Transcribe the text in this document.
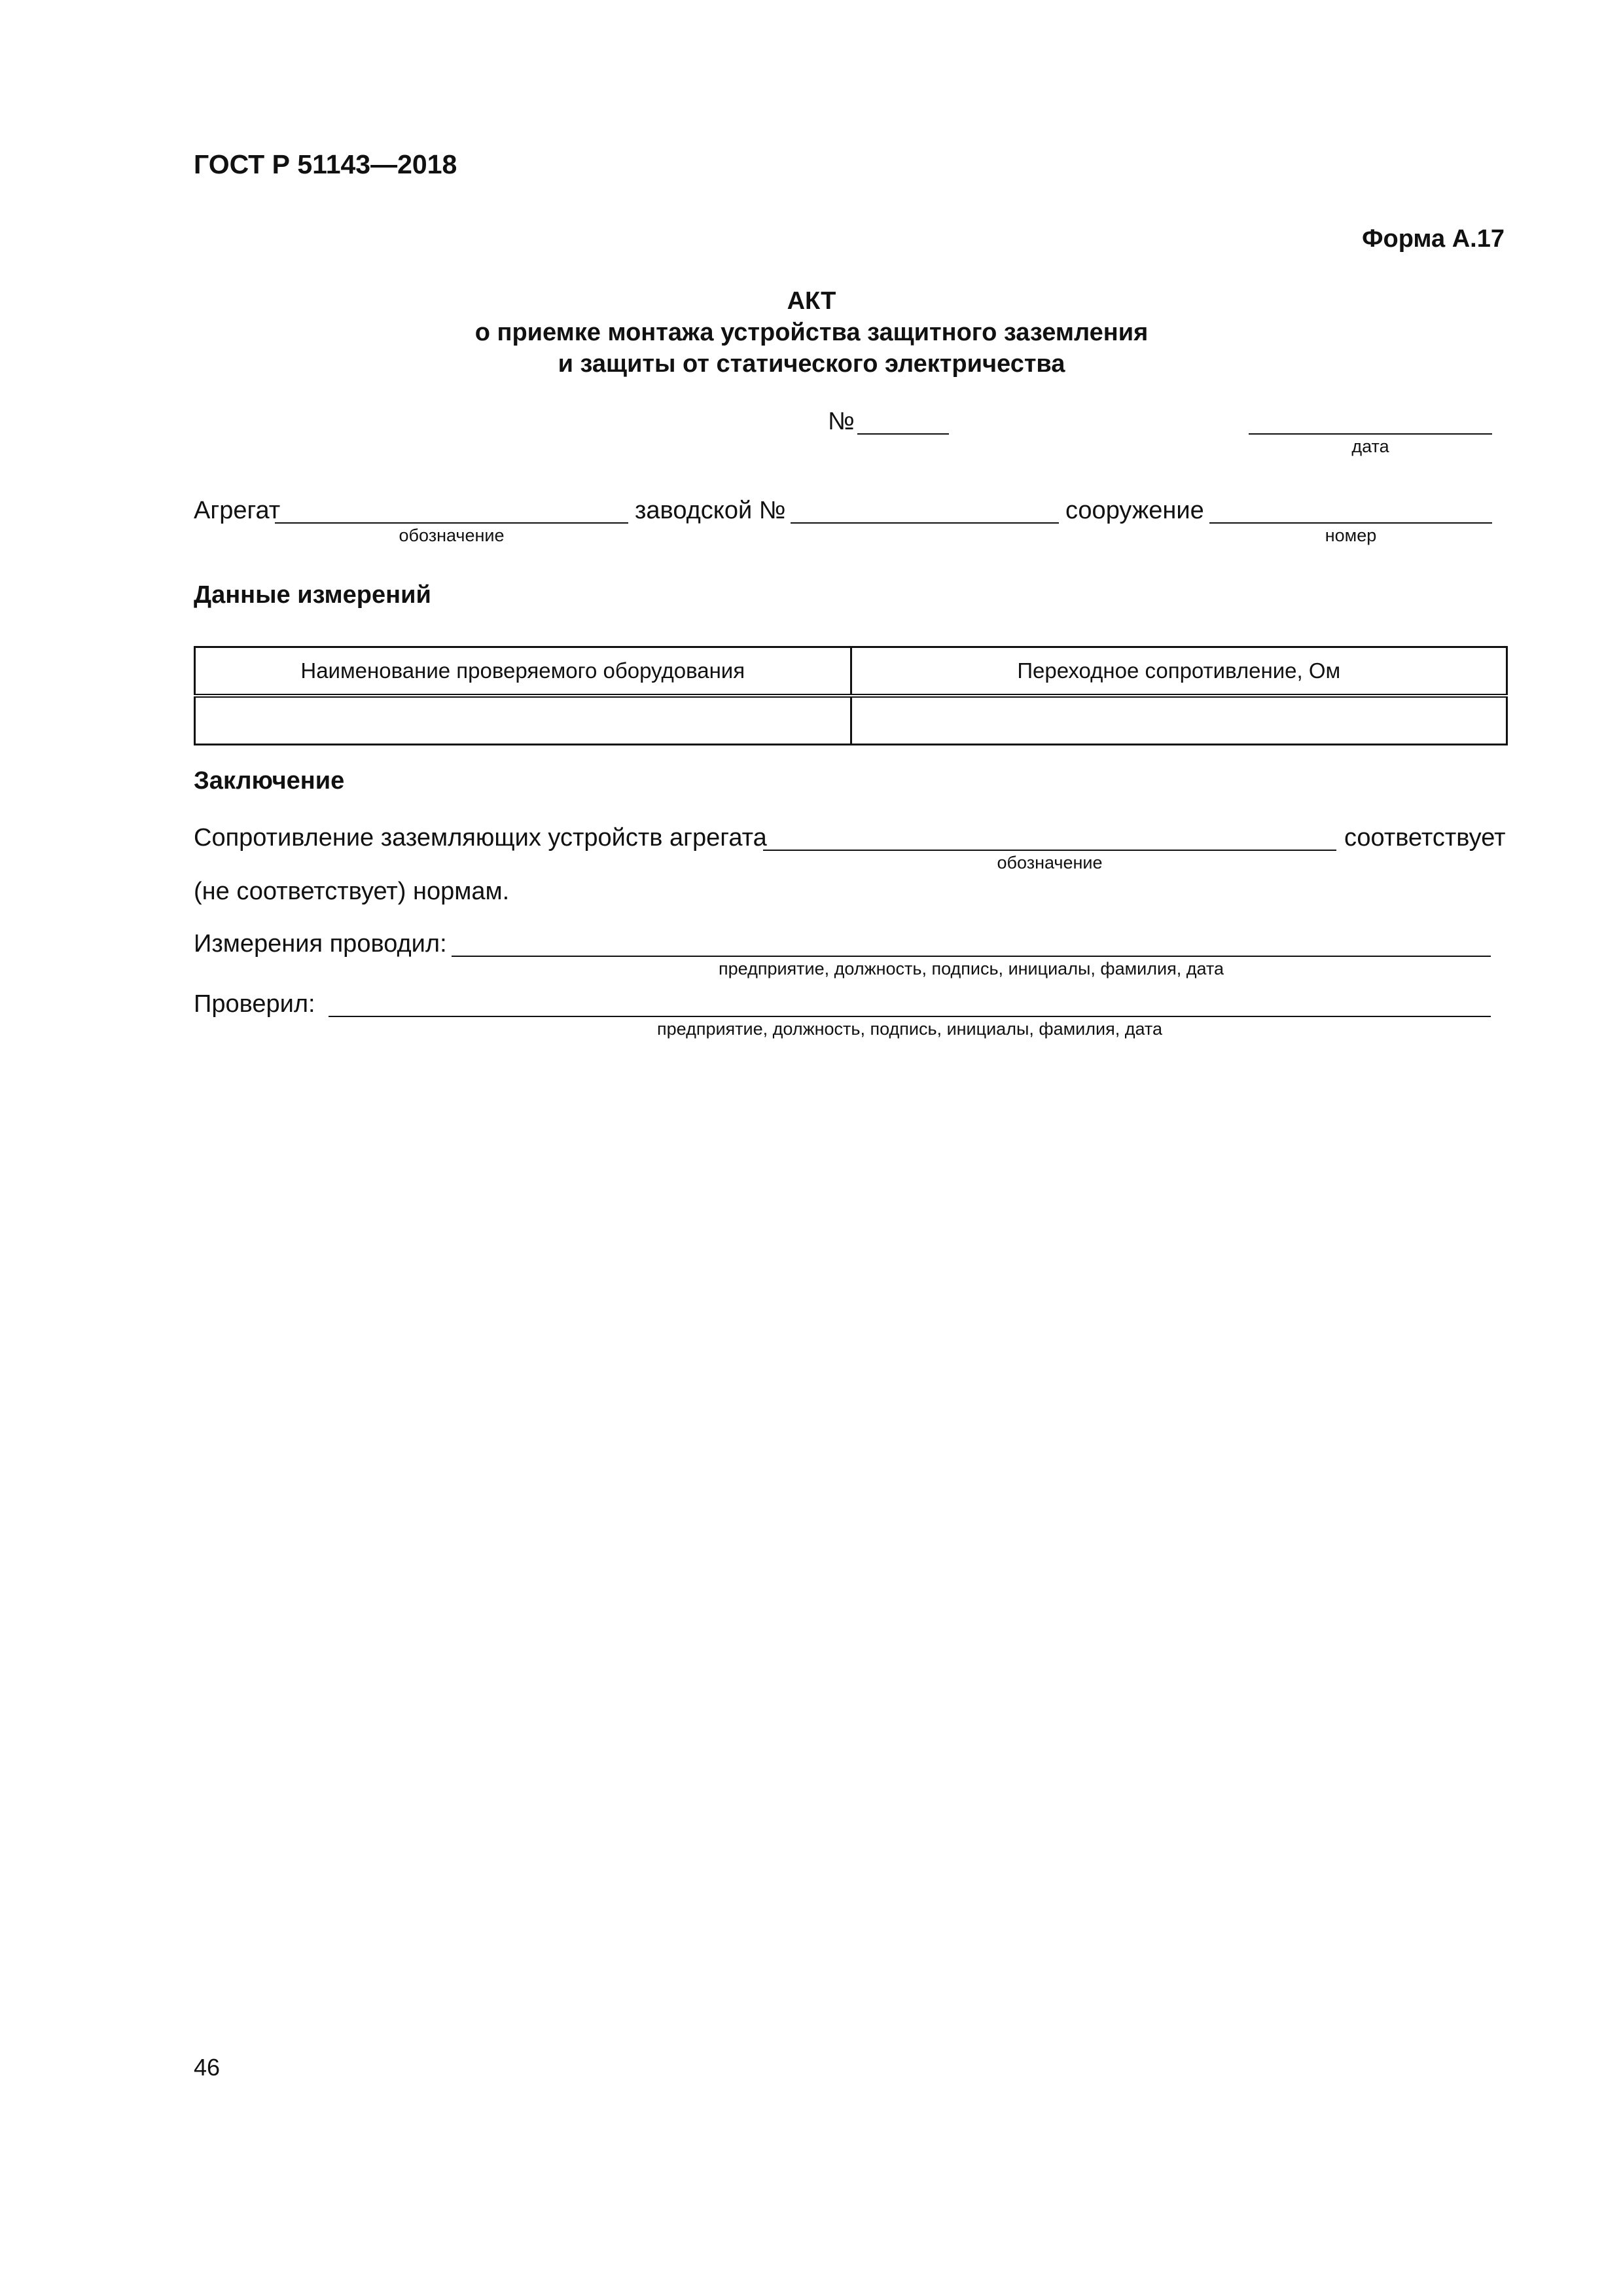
ГОСТ Р 51143—2018
Форма А.17
АКТ
о приемке монтажа устройства защитного заземления
и защиты от статического электричества
№
дата
Агрегат
обозначение
заводской №	сооружение
номер
Данные измерений
Наименование проверяемого оборудования	Переходное сопротивление, Ом

Заключение
Сопротивление заземляющих устройств агрегата
обозначение
соответствует
(не соответствует) нормам.
Измерения проводил:
предприятие, должность, подпись, инициалы, фамилия, дата
Проверил:
предприятие, должность, подпись, инициалы, фамилия, дата
46
